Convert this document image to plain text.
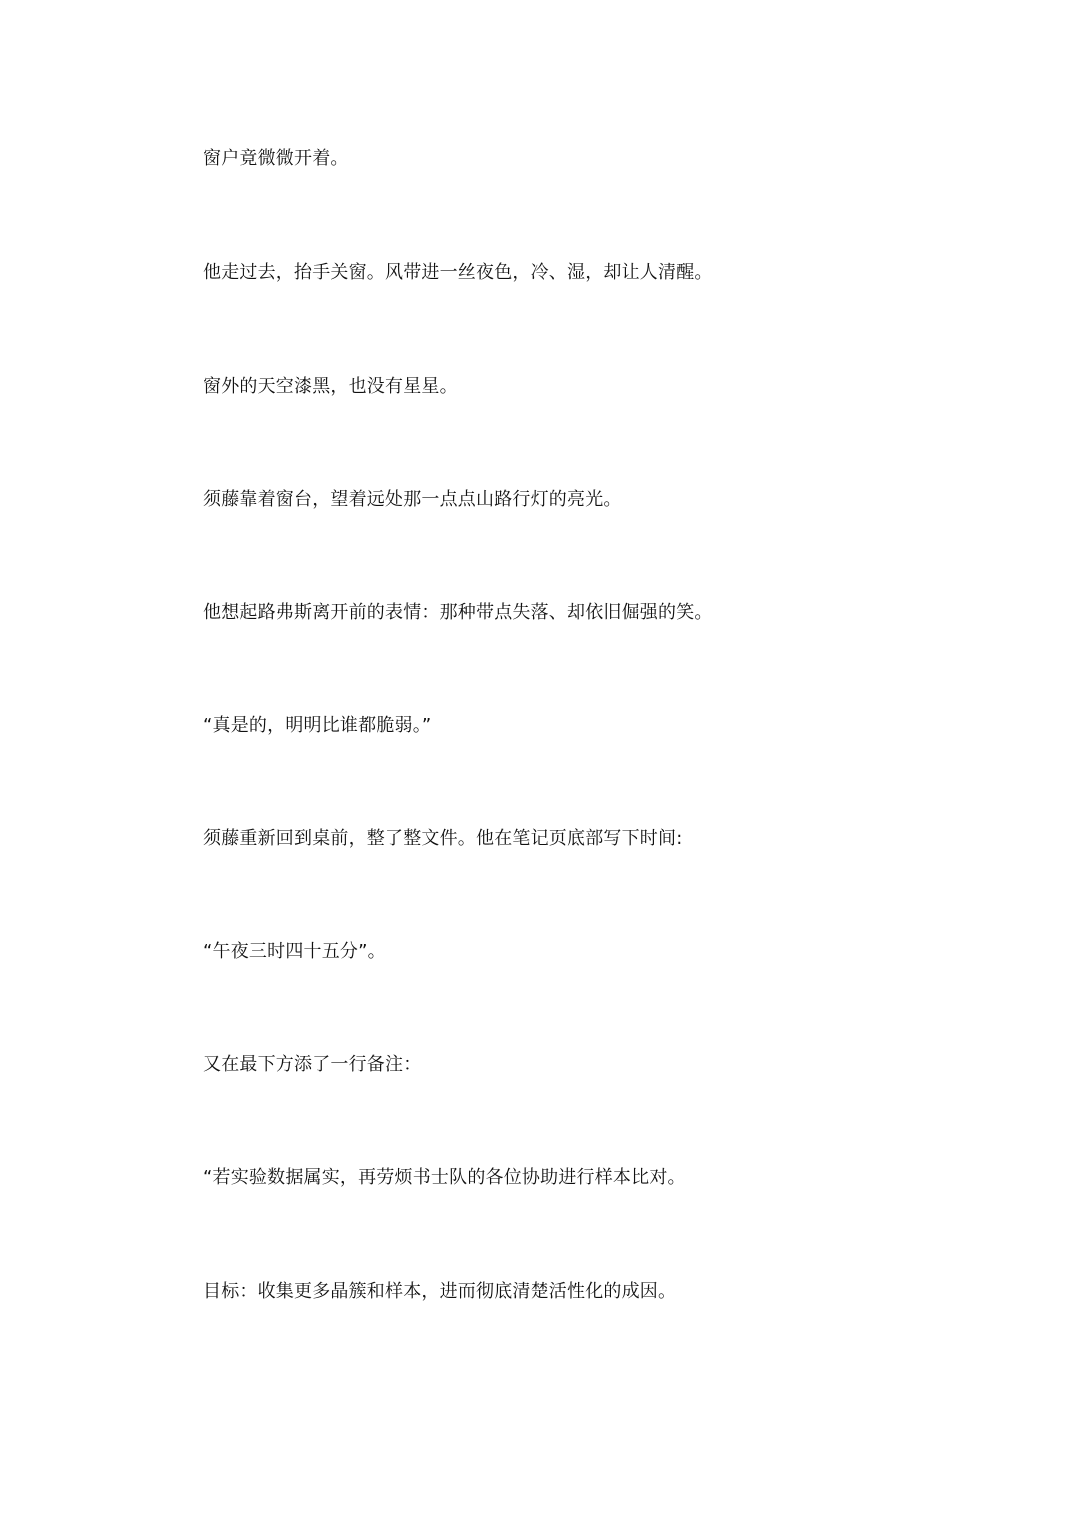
窗户竟微微开着。

他走过去，抬手关窗。风带进一丝夜色，冷、湿，却让人清醒。

窗外的天空漆黑，也没有星星。

须藤靠着窗台，望着远处那一点点山路行灯的亮光。

他想起路弗斯离开前的表情：那种带点失落、却依旧倔强的笑。

“真是的，明明比谁都脆弱。”

须藤重新回到桌前，整了整文件。他在笔记页底部写下时间:

“午夜三时四十五分”。

又在最下方添了一行备注：

“若实验数据属实，再劳烦书士队的各位协助进行样本比对。

目标：收集更多晶簇和样本，进而彻底清楚活性化的成因。
